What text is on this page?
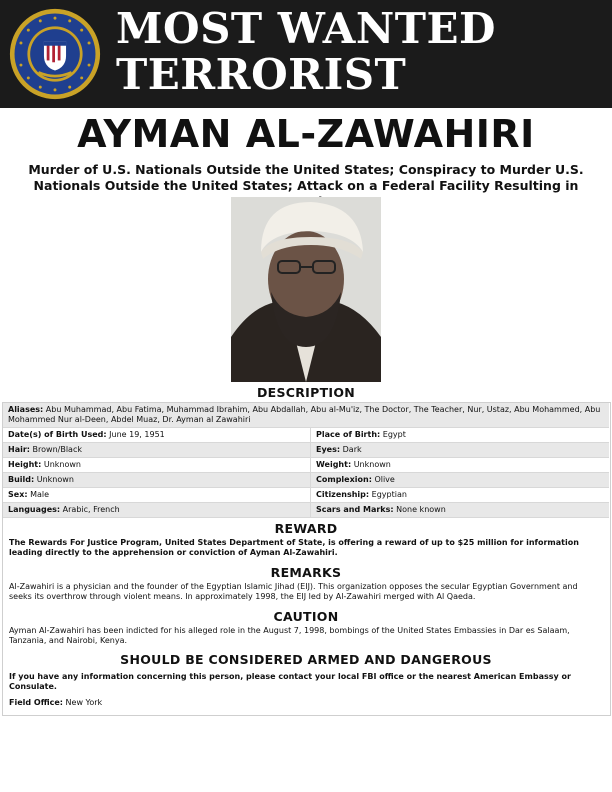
MOST WANTED
TERRORIST
AYMAN AL-ZAWAHIRI
Murder of U.S. Nationals Outside the United States; Conspiracy to Murder U.S.
Nationals Outside the United States; Attack on a Federal Facility Resulting in
DESCRIPTION
Aliases: Abu Muhammad, Abu Fatima, Muhammad Ibrahim, Abu Abdallah, Abu al-Mu'iz, The Doctor, The Teacher, Nur, Ustaz, Abu Mohammed, Abu Mohammed Nur al-Deen, Abdel Muaz, Dr. Ayman al Zawahiri	
Date(s) of Birth Used: June 19, 1951	Place of Birth: Egypt
Hair: Brown/Black	Eyes: Dark
Height: Unknown	Weight: Unknown
Build: Unknown	Complexion: Olive
Sex: Male	Citizenship: Egyptian
Languages: Arabic, French	Scars and Marks: None known
REWARD
The Rewards For Justice Program, United States Department of State, is offering a reward of up to $25 million for information leading directly to the apprehension or conviction of Ayman Al-Zawahiri.
REMARKS
Al-Zawahiri is a physician and the founder of the Egyptian Islamic Jihad (EIJ). This organization opposes the secular Egyptian Government and seeks its overthrow through violent means. In approximately 1998, the EIJ led by Al-Zawahiri merged with Al Qaeda.
CAUTION
Ayman Al-Zawahiri has been indicted for his alleged role in the August 7, 1998, bombings of the United States Embassies in Dar es Salaam, Tanzania, and Nairobi, Kenya.
SHOULD BE CONSIDERED ARMED AND DANGEROUS
If you have any information concerning this person, please contact your local FBI office or the nearest American Embassy or Consulate.
Field Office: New York
